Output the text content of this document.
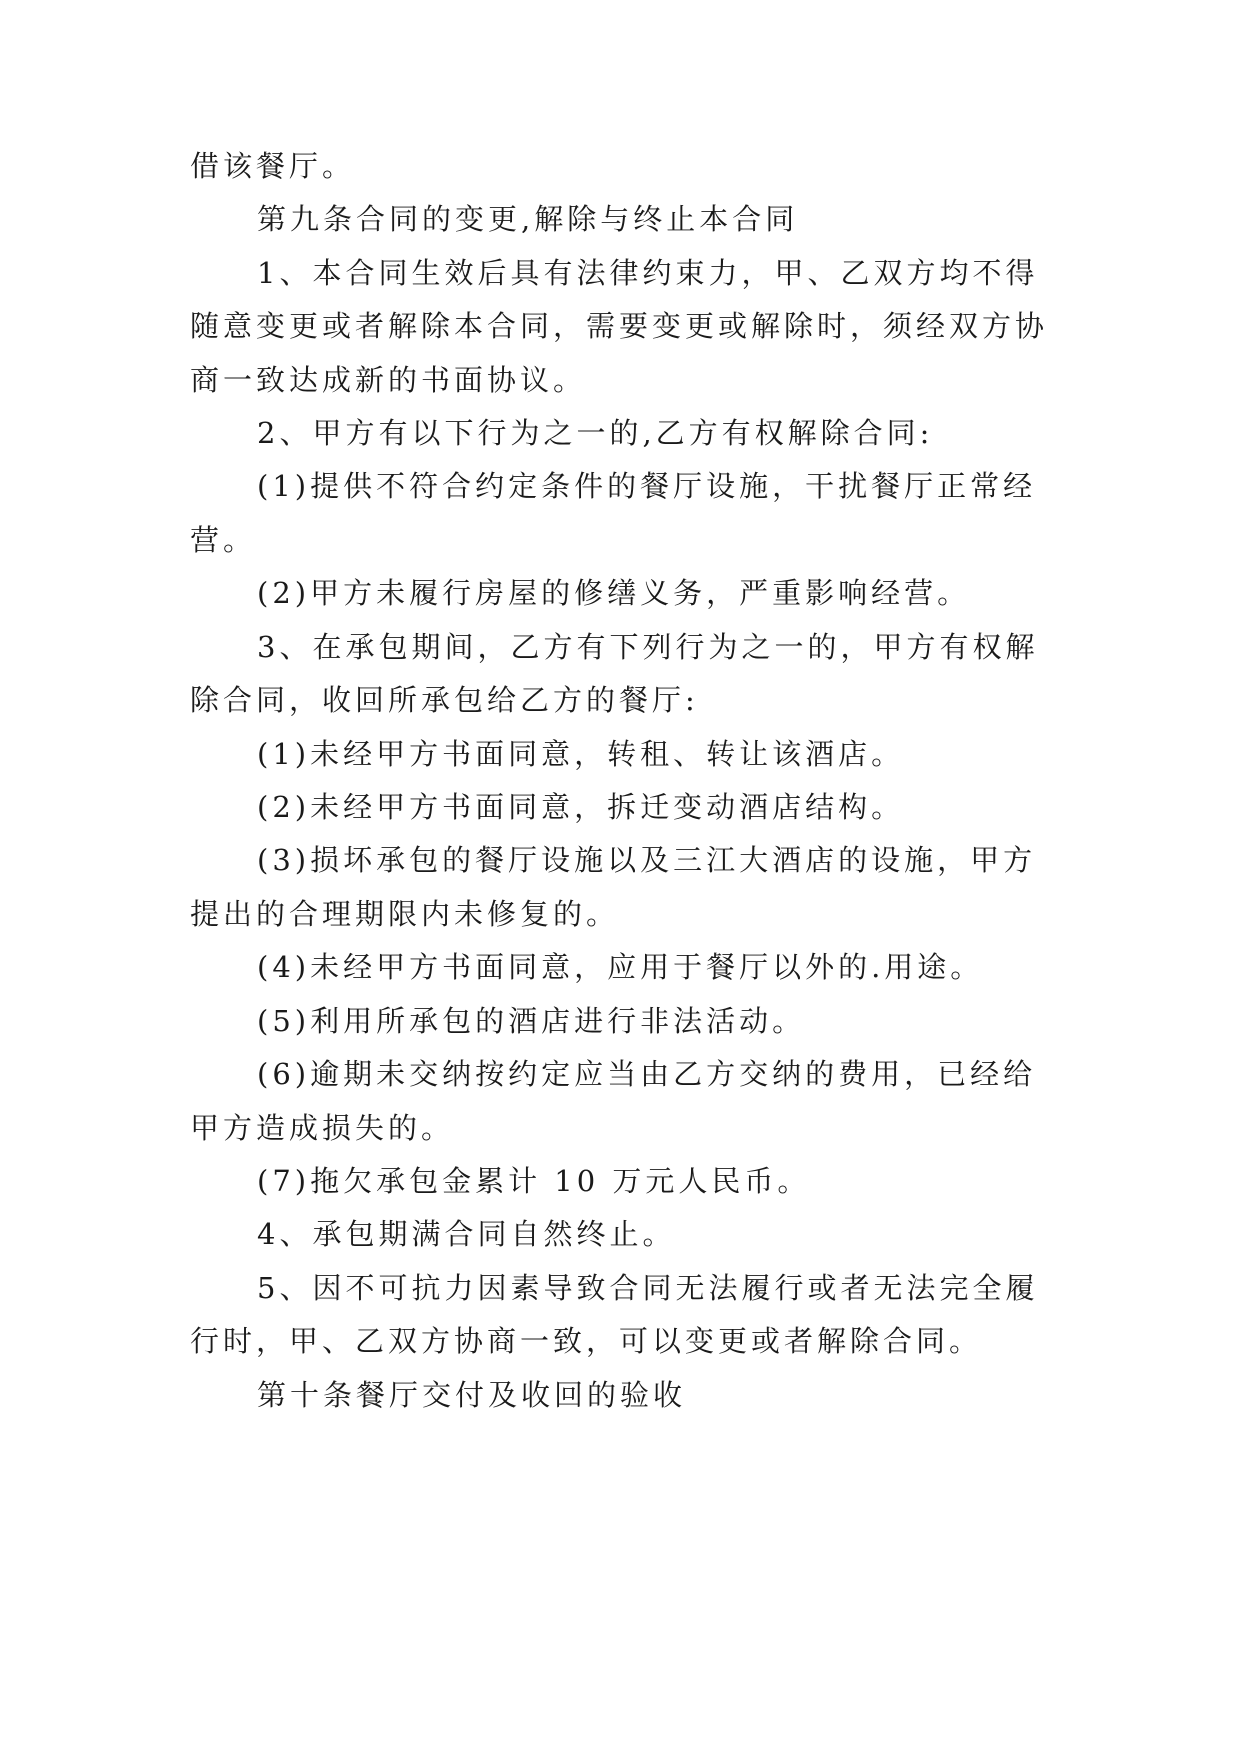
借该餐厅。
第九条合同的变更,解除与终止本合同
1、本合同生效后具有法律约束力，甲、乙双方均不得
随意变更或者解除本合同，需要变更或解除时，须经双方协
商一致达成新的书面协议。
2、甲方有以下行为之一的,乙方有权解除合同:
(1)提供不符合约定条件的餐厅设施，干扰餐厅正常经
营。
(2)甲方未履行房屋的修缮义务，严重影响经营。
3、在承包期间，乙方有下列行为之一的，甲方有权解
除合同，收回所承包给乙方的餐厅:
(1)未经甲方书面同意，转租、转让该酒店。
(2)未经甲方书面同意，拆迁变动酒店结构。
(3)损坏承包的餐厅设施以及三江大酒店的设施，甲方
提出的合理期限内未修复的。
(4)未经甲方书面同意，应用于餐厅以外的.用途。
(5)利用所承包的酒店进行非法活动。
(6)逾期未交纳按约定应当由乙方交纳的费用，已经给
甲方造成损失的。
(7)拖欠承包金累计 10 万元人民币。
4、承包期满合同自然终止。
5、因不可抗力因素导致合同无法履行或者无法完全履
行时，甲、乙双方协商一致，可以变更或者解除合同。
第十条餐厅交付及收回的验收
